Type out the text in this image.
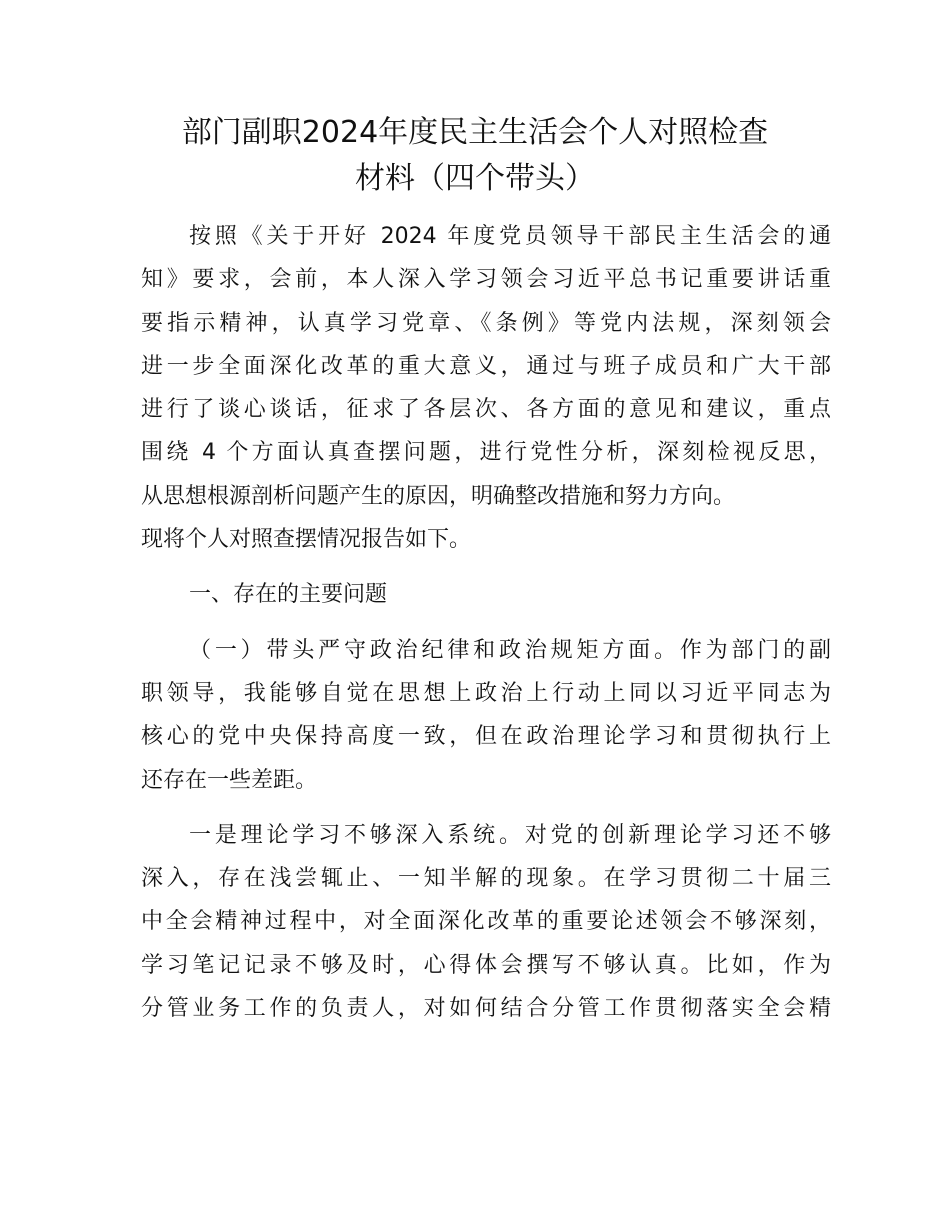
部门副职2024年度民主生活会个人对照检查
材料（四个带头）
按照《关于开好 2024 年度党员领导干部民主生活会的通
知》要求，会前，本人深入学习领会习近平总书记重要讲话重
要指示精神，认真学习党章、《条例》等党内法规，深刻领会
进一步全面深化改革的重大意义，通过与班子成员和广大干部
进行了谈心谈话，征求了各层次、各方面的意见和建议，重点
围绕 4 个方面认真查摆问题，进行党性分析，深刻检视反思，
从思想根源剖析问题产生的原因，明确整改措施和努力方向。
现将个人对照查摆情况报告如下。
一、存在的主要问题
（一）带头严守政治纪律和政治规矩方面。作为部门的副
职领导，我能够自觉在思想上政治上行动上同以习近平同志为
核心的党中央保持高度一致，但在政治理论学习和贯彻执行上
还存在一些差距。
一是理论学习不够深入系统。对党的创新理论学习还不够
深入，存在浅尝辄止、一知半解的现象。在学习贯彻二十届三
中全会精神过程中，对全面深化改革的重要论述领会不够深刻，
学习笔记记录不够及时，心得体会撰写不够认真。比如，作为
分管业务工作的负责人，对如何结合分管工作贯彻落实全会精
